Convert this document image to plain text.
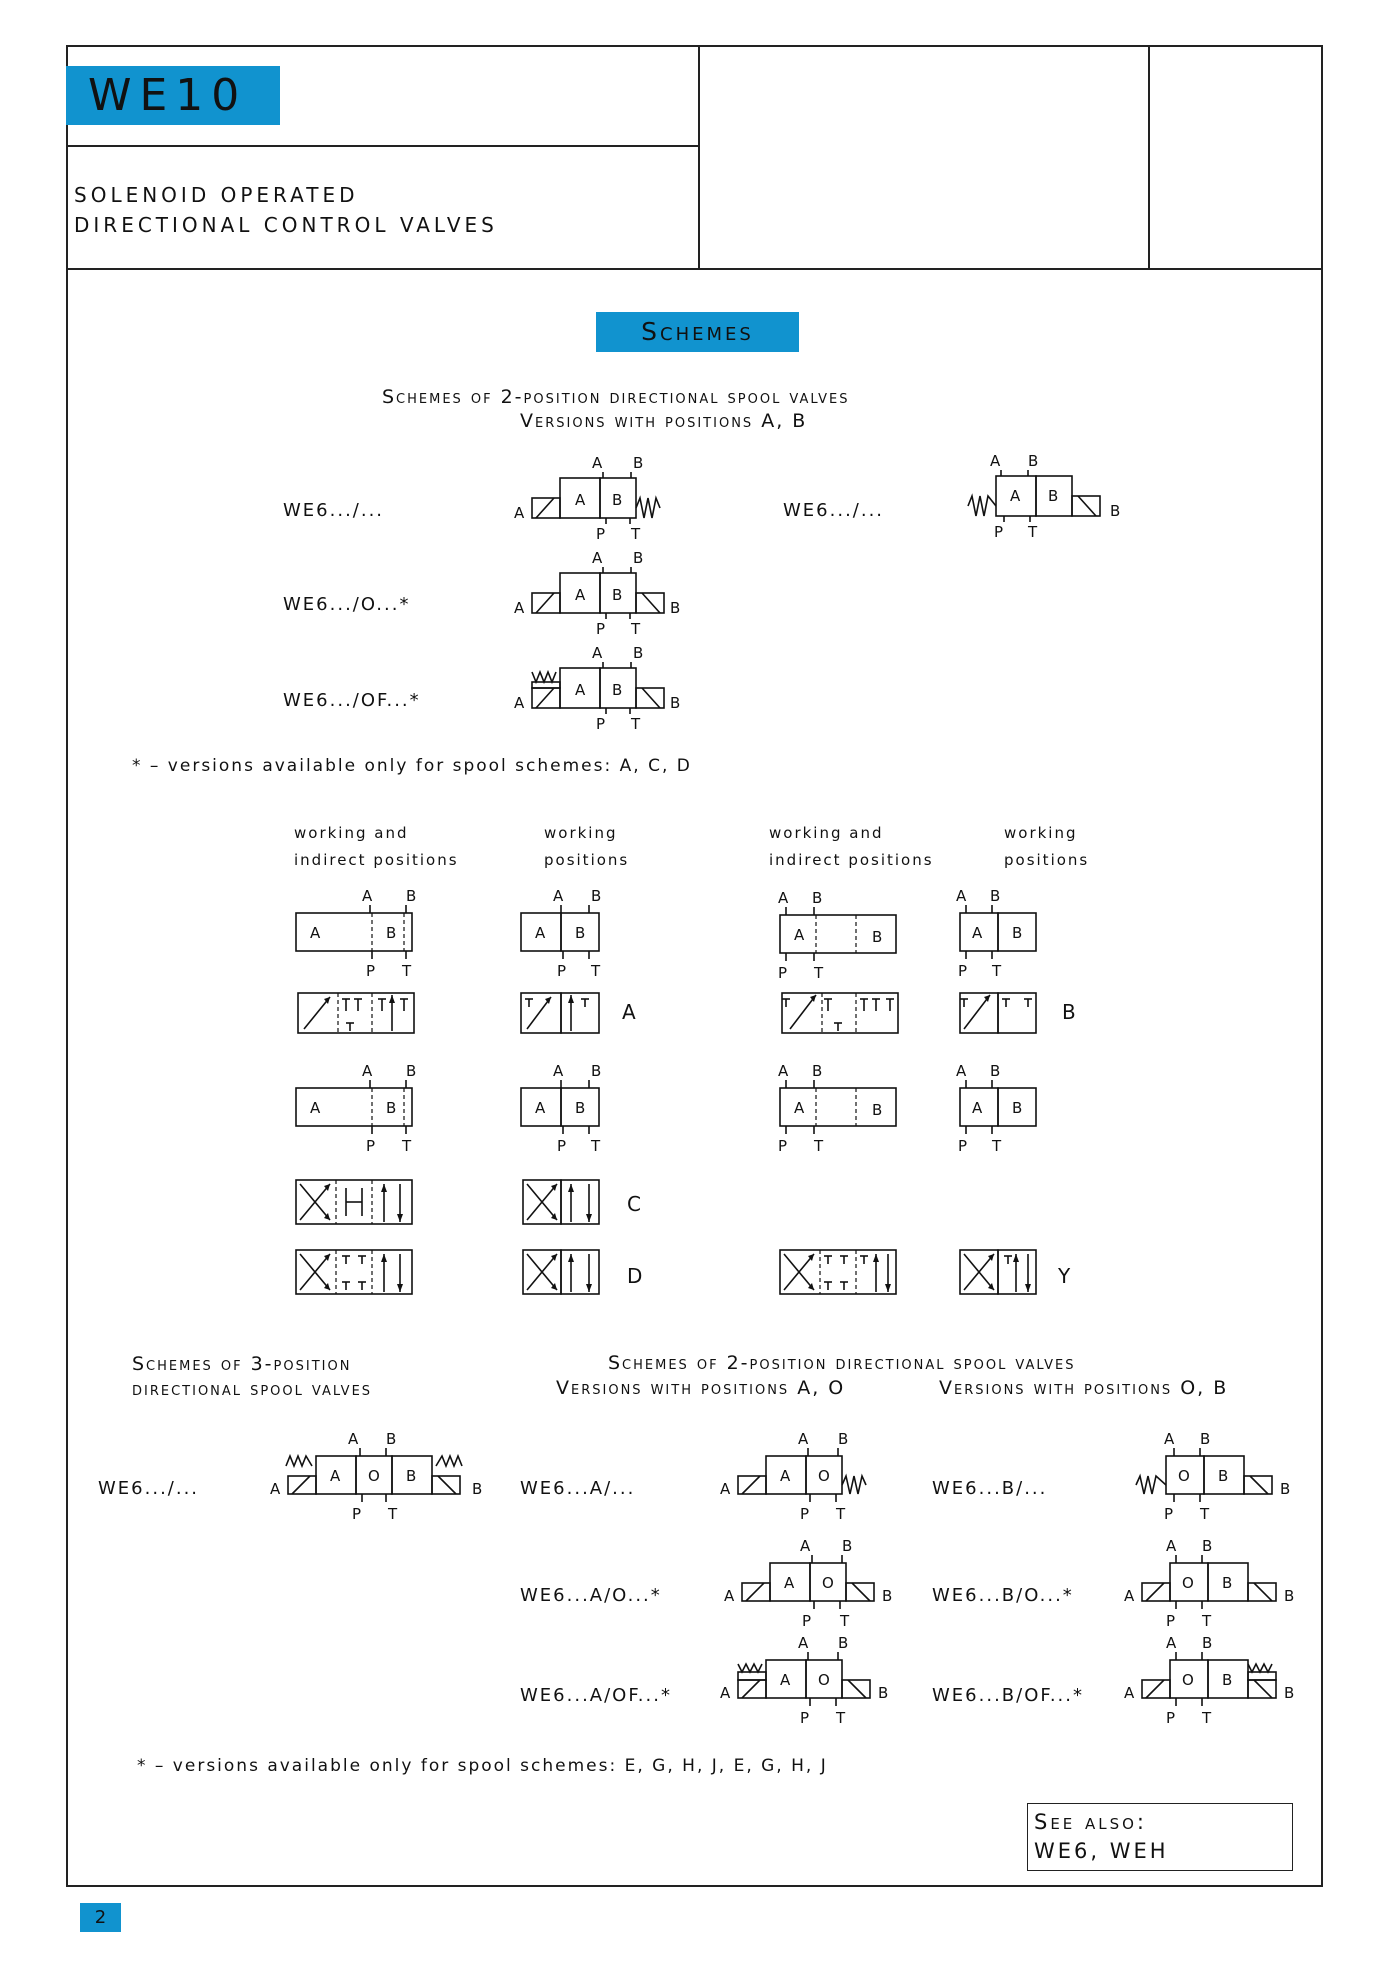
WE10
SOLENOID OPERATED
DIRECTIONAL CONTROL VALVES
Schemes
Schemes of 2-position directional spool valves
Versions with positions A, B
WE6.../...
WE6.../O...*
WE6.../OF...*
WE6.../...
A B
A B
A
P T
A B
A B
A	B
P T
A B
A B
A	B
P T
A B
A B
B
P T
* – versions available only for spool schemes: A, C, D
working and
indirect positions
working
positions
working and
indirect positions
working
positions
A B
A	B
P T
A B
A B
P T
A
A B
A	B
P T
A B
A B
P T
B
A B
A	B
P T
A B
A B
P T
A B
A	B
P T
A B
A B
P T
C
D	Y
Schemes of 3-position
directional spool valves
Schemes of 2-position directional spool valves
Versions with positions A, O	Versions with positions O, B
WE6.../...
A B
A O B
A	B
P T
WE6...A/...
WE6...A/O...*
WE6...A/OF...*
WE6...B/...
WE6...B/O...*
WE6...B/OF...*
A B
A O
A
P T
A B
A O
A	B
P T
A B
A O
A	B
P T
A B
O B
B
P T
A B
O B
A	B
P T
A B
O B
A	B
P T
* – versions available only for spool schemes: E, G, H, J, E, G, H, J
See also:
WE6, WEH
2
